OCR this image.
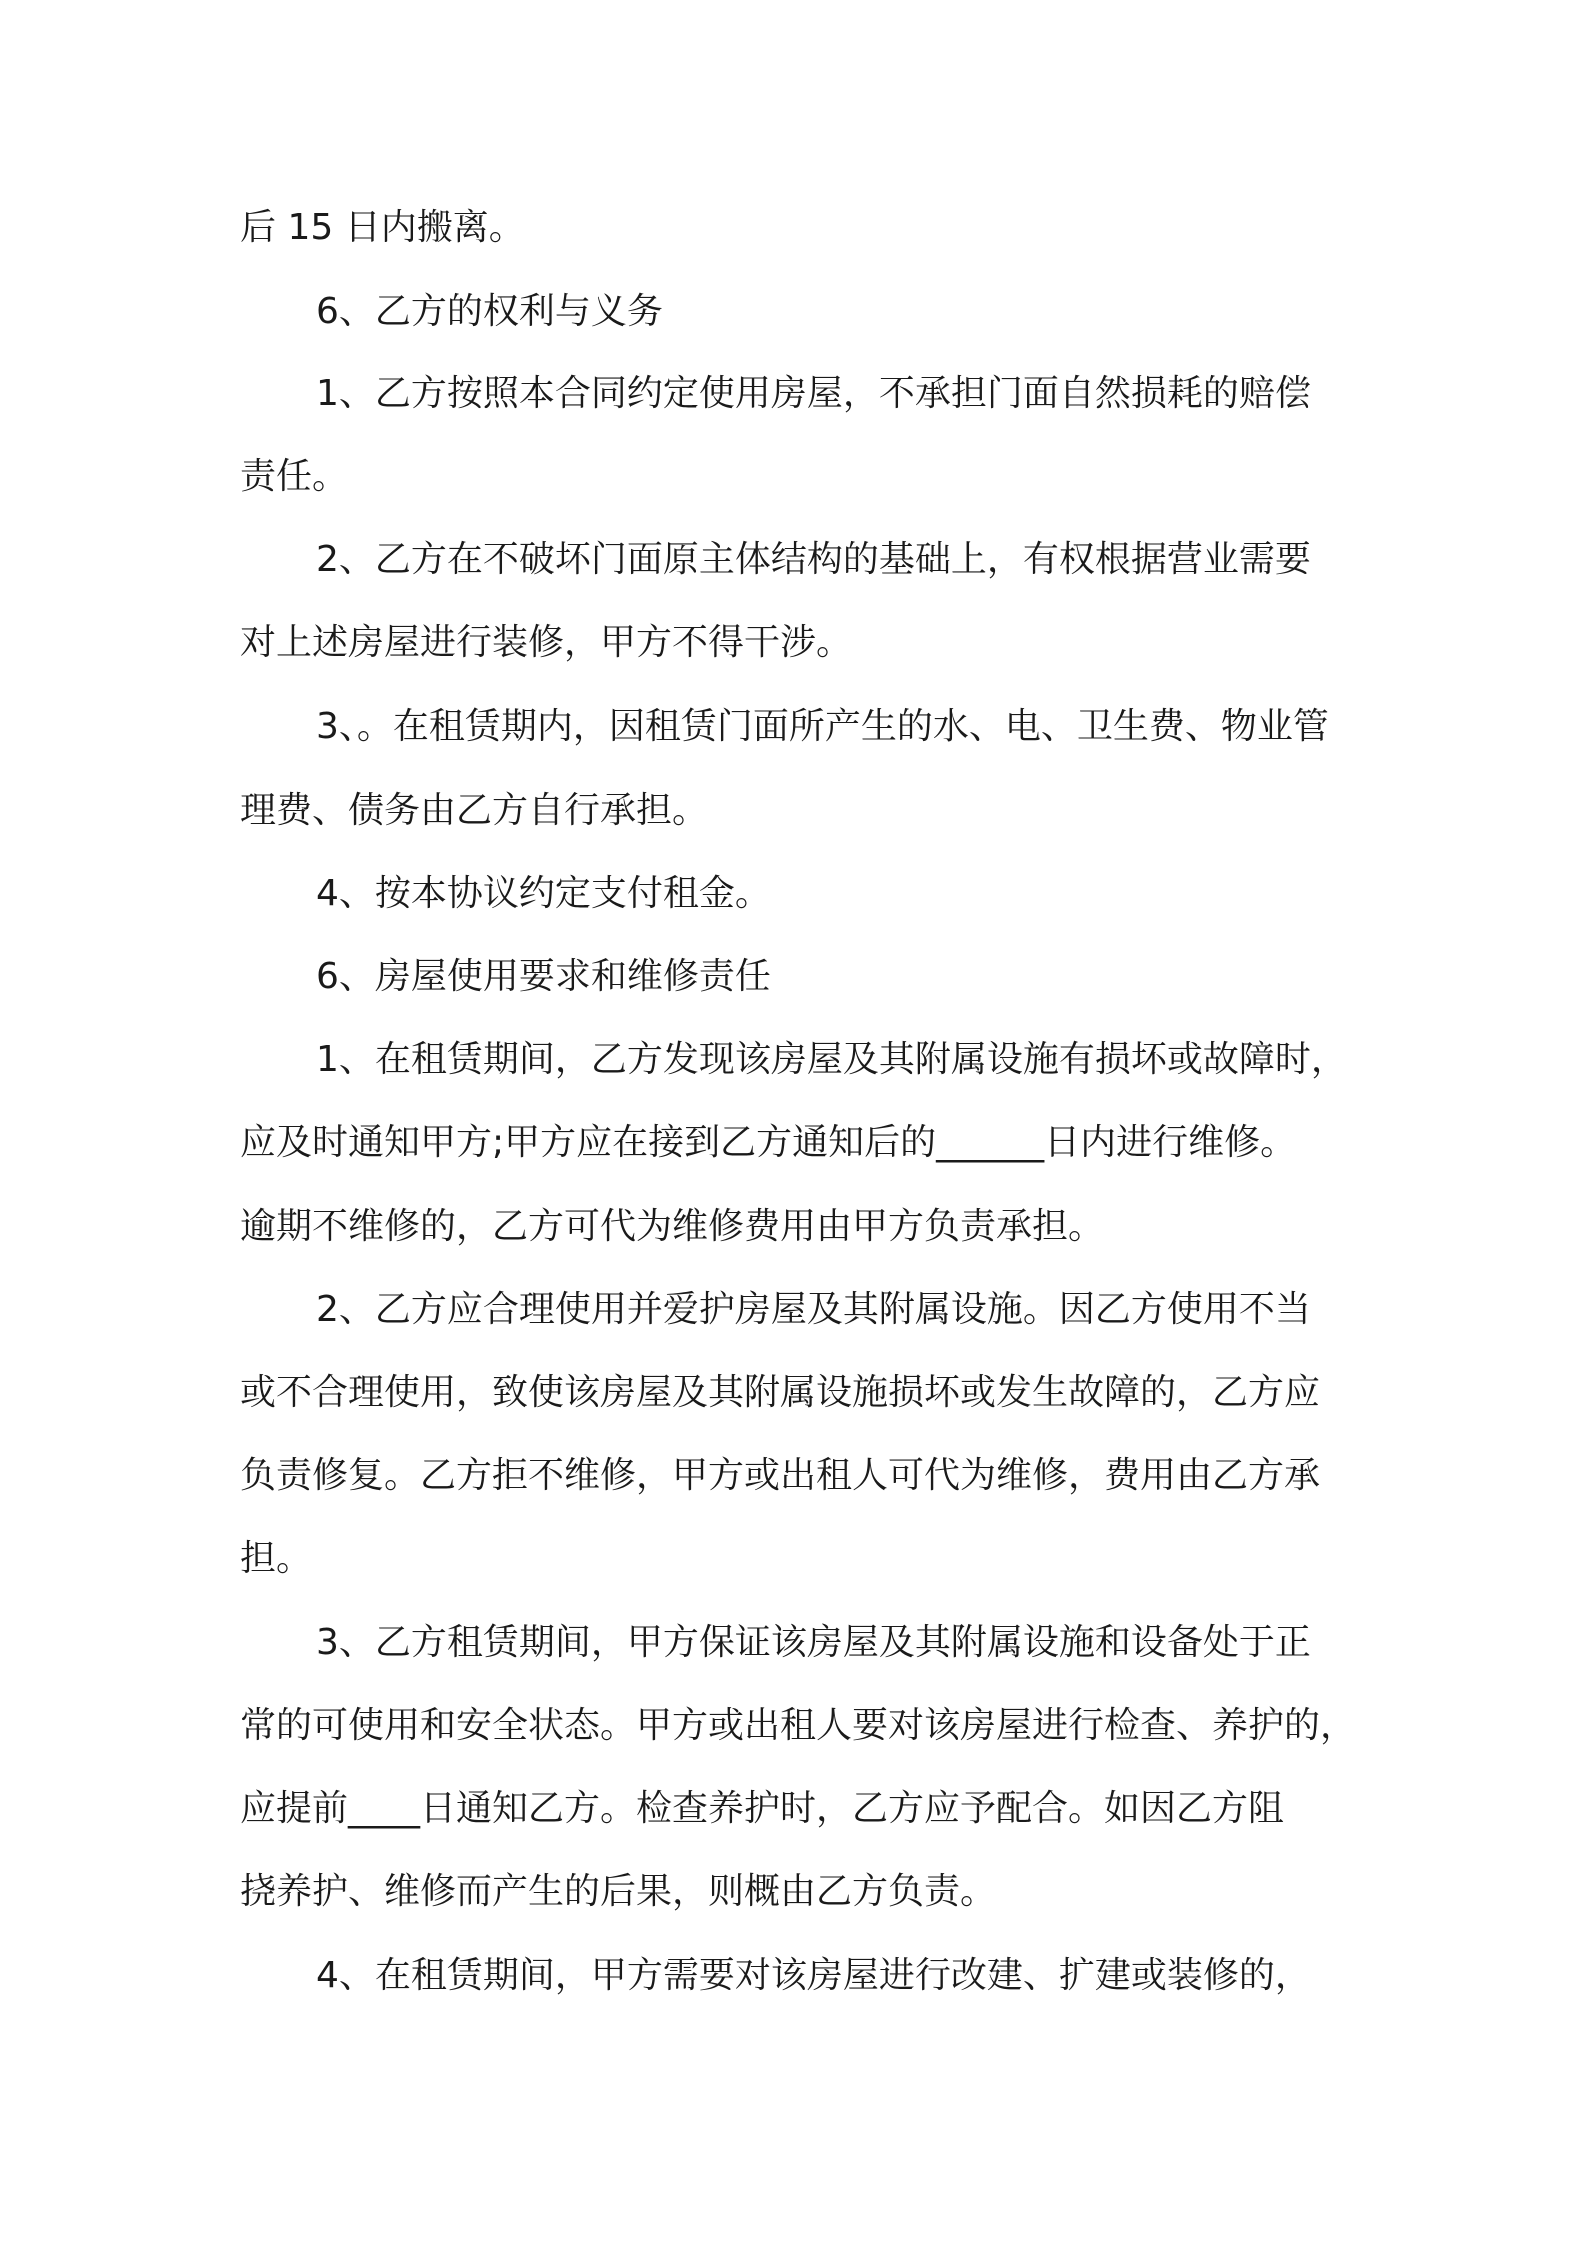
后 15 日内搬离。

6、乙方的权利与义务

1、乙方按照本合同约定使用房屋，不承担门面自然损耗的赔偿

责任。

2、乙方在不破坏门面原主体结构的基础上，有权根据营业需要

对上述房屋进行装修，甲方不得干涉。

3、。在租赁期内，因租赁门面所产生的水、电、卫生费、物业管

理费、债务由乙方自行承担。

4、按本协议约定支付租金。

6、房屋使用要求和维修责任

1、在租赁期间，乙方发现该房屋及其附属设施有损坏或故障时，

应及时通知甲方;甲方应在接到乙方通知后的______日内进行维修。

逾期不维修的，乙方可代为维修费用由甲方负责承担。

2、乙方应合理使用并爱护房屋及其附属设施。因乙方使用不当

或不合理使用，致使该房屋及其附属设施损坏或发生故障的，乙方应

负责修复。乙方拒不维修，甲方或出租人可代为维修，费用由乙方承

担。

3、乙方租赁期间，甲方保证该房屋及其附属设施和设备处于正

常的可使用和安全状态。甲方或出租人要对该房屋进行检查、养护的，

应提前____日通知乙方。检查养护时，乙方应予配合。如因乙方阻

挠养护、维修而产生的后果，则概由乙方负责。

4、在租赁期间，甲方需要对该房屋进行改建、扩建或装修的，
